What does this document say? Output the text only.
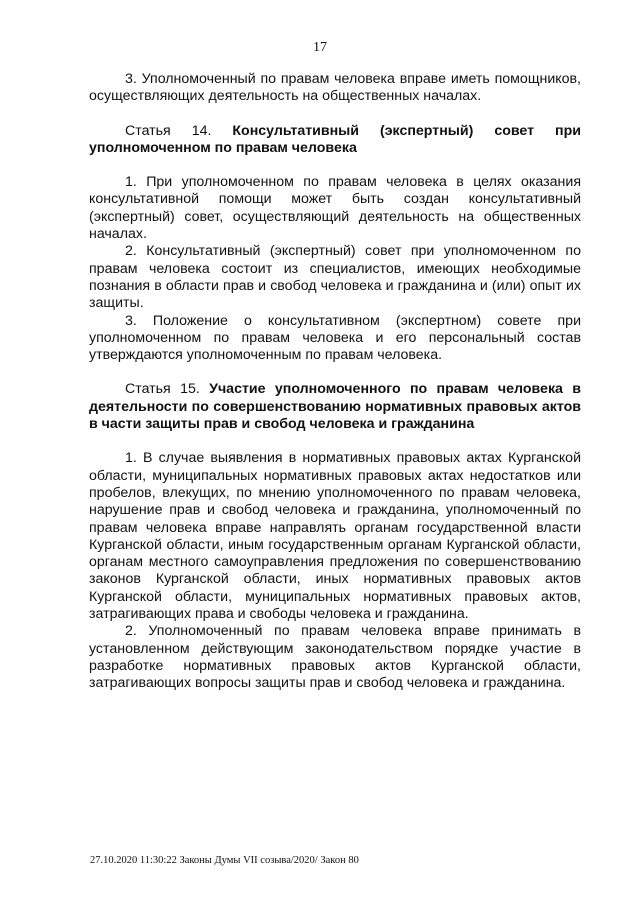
17

3. Уполномоченный по правам человека вправе иметь помощников, осуществляющих деятельность на общественных началах.

Статья 14. Консультативный (экспертный) совет при уполномоченном по правам человека

1. При уполномоченном по правам человека в целях оказания консультативной помощи может быть создан консультативный (экспертный) совет, осуществляющий деятельность на общественных началах.

2. Консультативный (экспертный) совет при уполномоченном по правам человека состоит из специалистов, имеющих необходимые познания в области прав и свобод человека и гражданина и (или) опыт их защиты.

3. Положение о консультативном (экспертном) совете при уполномоченном по правам человека и его персональный состав утверждаются уполномоченным по правам человека.

Статья 15. Участие уполномоченного по правам человека в деятельности по совершенствованию нормативных правовых актов в части защиты прав и свобод человека и гражданина

1. В случае выявления в нормативных правовых актах Курганской области, муниципальных нормативных правовых актах недостатков или пробелов, влекущих, по мнению уполномоченного по правам человека, нарушение прав и свобод человека и гражданина, уполномоченный по правам человека вправе направлять органам государственной власти Курганской области, иным государственным органам Курганской области, органам местного самоуправления предложения по совершенствованию законов Курганской области, иных нормативных правовых актов Курганской области, муниципальных нормативных правовых актов, затрагивающих права и свободы человека и гражданина.

2. Уполномоченный по правам человека вправе принимать в установленном действующим законодательством порядке участие в разработке нормативных правовых актов Курганской области, затрагивающих вопросы защиты прав и свобод человека и гражданина.

27.10.2020 11:30:22 Законы Думы VII созыва/2020/ Закон 80
